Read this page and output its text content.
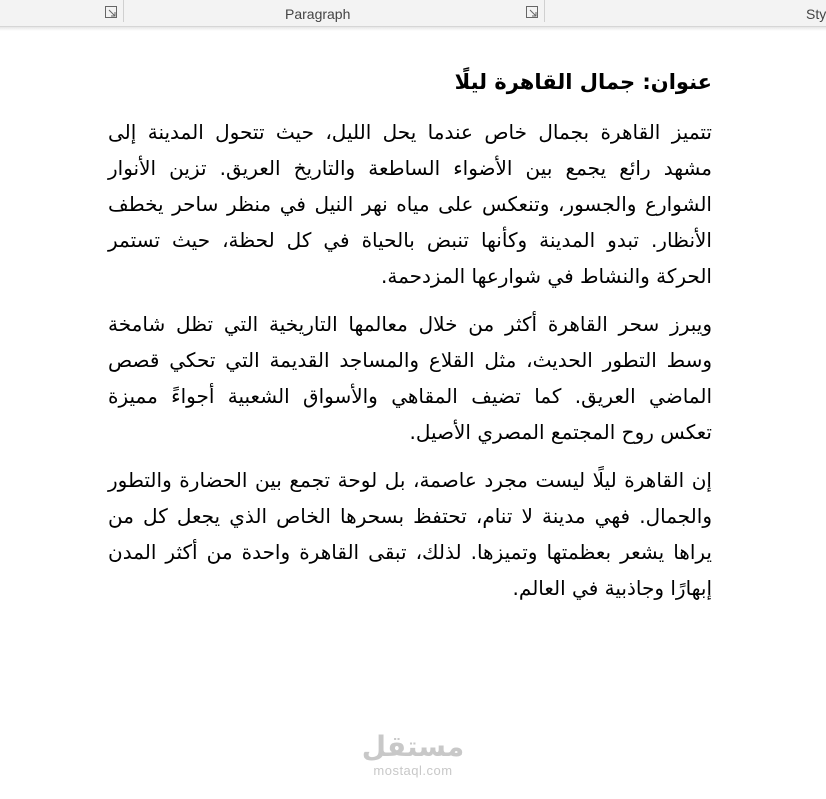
Paragraph	Sty

عنوان: جمال القاهرة ليلًا

تتميز القاهرة بجمال خاص عندما يحل الليل، حيث تتحول المدينة إلى مشهد رائع يجمع بين الأضواء الساطعة والتاريخ العريق. تزين الأنوار الشوارع والجسور، وتنعكس على مياه نهر النيل في منظر ساحر يخطف الأنظار. تبدو المدينة وكأنها تنبض بالحياة في كل لحظة، حيث تستمر الحركة والنشاط في شوارعها المزدحمة.

ويبرز سحر القاهرة أكثر من خلال معالمها التاريخية التي تظل شامخة وسط التطور الحديث، مثل القلاع والمساجد القديمة التي تحكي قصص الماضي العريق. كما تضيف المقاهي والأسواق الشعبية أجواءً مميزة تعكس روح المجتمع المصري الأصيل.

إن القاهرة ليلًا ليست مجرد عاصمة، بل لوحة تجمع بين الحضارة والتطور والجمال. فهي مدينة لا تنام، تحتفظ بسحرها الخاص الذي يجعل كل من يراها يشعر بعظمتها وتميزها. لذلك، تبقى القاهرة واحدة من أكثر المدن إبهارًا وجاذبية في العالم.

مستقل
mostaql.com
